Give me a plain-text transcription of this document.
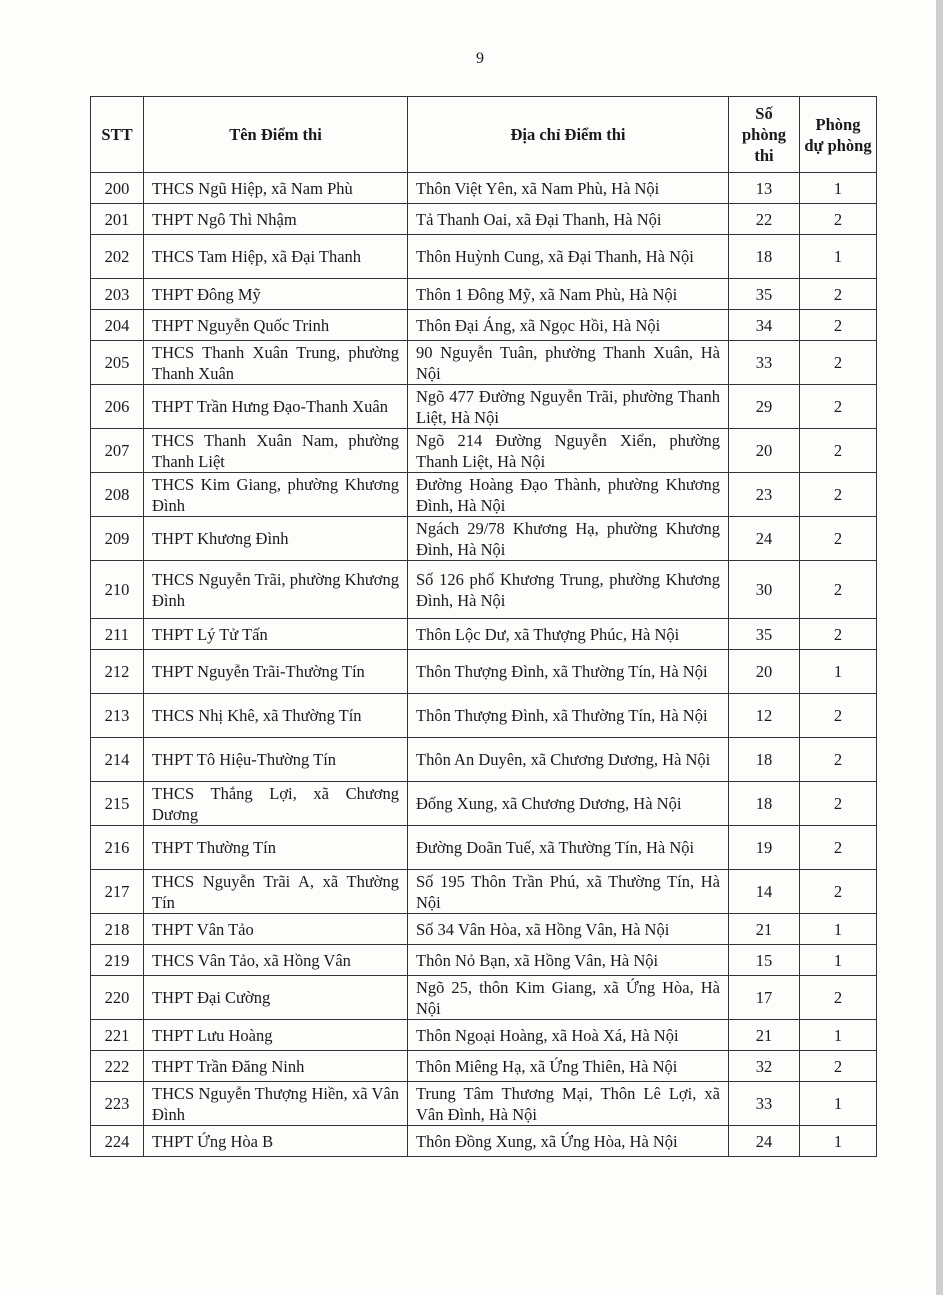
9
STT	Tên Điểm thi	Địa chỉ Điểm thi	Số phòng thi	Phòng dự phòng
200	THCS Ngũ Hiệp, xã Nam Phù	Thôn Việt Yên, xã Nam Phù, Hà Nội	13	1
201	THPT Ngô Thì Nhậm	Tả Thanh Oai, xã Đại Thanh, Hà Nội	22	2
202	THCS Tam Hiệp, xã Đại Thanh	Thôn Huỳnh Cung, xã Đại Thanh, Hà Nội	18	1
203	THPT Đông Mỹ	Thôn 1 Đông Mỹ, xã Nam Phù, Hà Nội	35	2
204	THPT Nguyễn Quốc Trinh	Thôn Đại Áng, xã Ngọc Hồi, Hà Nội	34	2
205	THCS Thanh Xuân Trung, phường Thanh Xuân	90 Nguyễn Tuân, phường Thanh Xuân, Hà Nội	33	2
206	THPT Trần Hưng Đạo-Thanh Xuân	Ngõ 477 Đường Nguyễn Trãi, phường Thanh Liệt, Hà Nội	29	2
207	THCS Thanh Xuân Nam, phường Thanh Liệt	Ngõ 214 Đường Nguyễn Xiển, phường Thanh Liệt, Hà Nội	20	2
208	THCS Kim Giang, phường Khương Đình	Đường Hoàng Đạo Thành, phường Khương Đình, Hà Nội	23	2
209	THPT Khương Đình	Ngách 29/78 Khương Hạ, phường Khương Đình, Hà Nội	24	2
210	THCS Nguyễn Trãi, phường Khương Đình	Số 126 phố Khương Trung, phường Khương Đình, Hà Nội	30	2
211	THPT Lý Tử Tấn	Thôn Lộc Dư, xã Thượng Phúc, Hà Nội	35	2
212	THPT Nguyễn Trãi-Thường Tín	Thôn Thượng Đình, xã Thường Tín, Hà Nội	20	1
213	THCS Nhị Khê, xã Thường Tín	Thôn Thượng Đình, xã Thường Tín, Hà Nội	12	2
214	THPT Tô Hiệu-Thường Tín	Thôn An Duyên, xã Chương Dương, Hà Nội	18	2
215	THCS Thắng Lợi, xã Chương Dương	Đống Xung, xã Chương Dương, Hà Nội	18	2
216	THPT Thường Tín	Đường Doãn Tuế, xã Thường Tín, Hà Nội	19	2
217	THCS Nguyễn Trãi A, xã Thường Tín	Số 195 Thôn Trần Phú, xã Thường Tín, Hà Nội	14	2
218	THPT Vân Tảo	Số 34 Vân Hòa, xã Hồng Vân, Hà Nội	21	1
219	THCS Vân Tảo, xã Hồng Vân	Thôn Nỏ Bạn, xã Hồng Vân, Hà Nội	15	1
220	THPT Đại Cường	Ngõ 25, thôn Kim Giang, xã Ứng Hòa, Hà Nội	17	2
221	THPT Lưu Hoàng	Thôn Ngoại Hoàng, xã Hoà Xá, Hà Nội	21	1
222	THPT Trần Đăng Ninh	Thôn Miêng Hạ, xã Ứng Thiên, Hà Nội	32	2
223	THCS Nguyễn Thượng Hiền, xã Vân Đình	Trung Tâm Thương Mại, Thôn Lê Lợi, xã Vân Đình, Hà Nội	33	1
224	THPT Ứng Hòa B	Thôn Đồng Xung, xã Ứng Hòa, Hà Nội	24	1
